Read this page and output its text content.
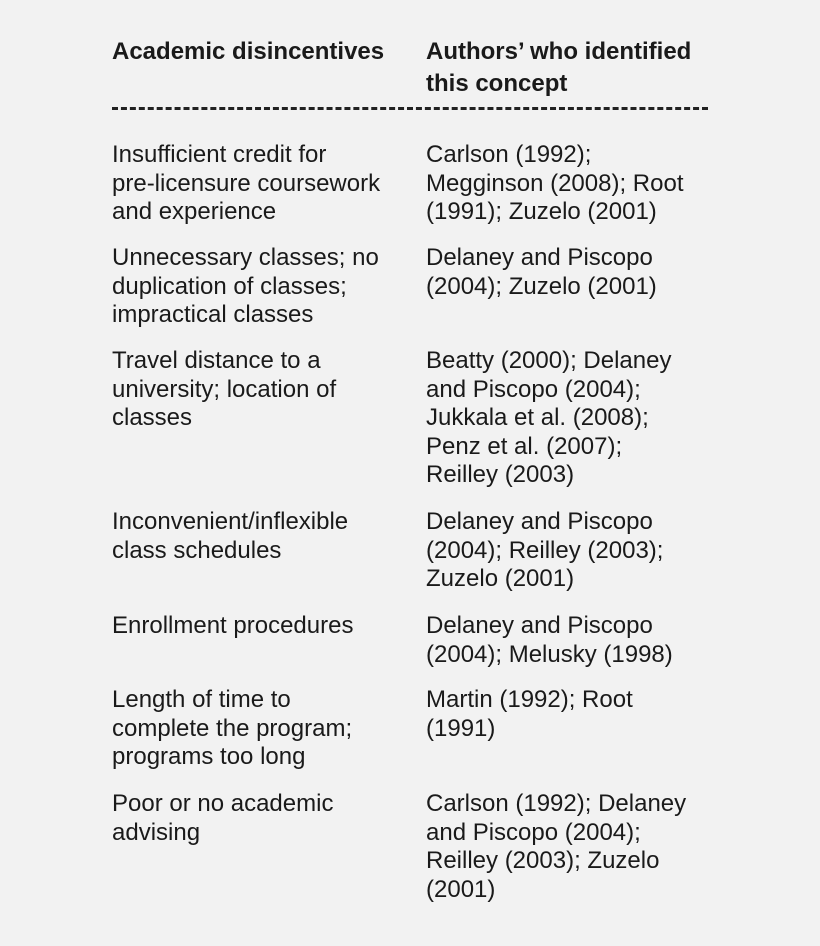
Academic disincentives	Authors’ who identified
this concept
Insufficient credit for
pre-licensure coursework
and experience
Carlson (1992);
Megginson (2008); Root
(1991); Zuzelo (2001)
Unnecessary classes; no
duplication of classes;
impractical classes
Delaney and Piscopo
(2004); Zuzelo (2001)
Travel distance to a
university; location of
classes
Beatty (2000); Delaney
and Piscopo (2004);
Jukkala et al. (2008);
Penz et al. (2007);
Reilley (2003)
Inconvenient/inflexible
class schedules
Delaney and Piscopo
(2004); Reilley (2003);
Zuzelo (2001)
Enrollment procedures	Delaney and Piscopo
(2004); Melusky (1998)
Length of time to
complete the program;
programs too long
Martin (1992); Root
(1991)
Poor or no academic
advising
Carlson (1992); Delaney
and Piscopo (2004);
Reilley (2003); Zuzelo
(2001)
